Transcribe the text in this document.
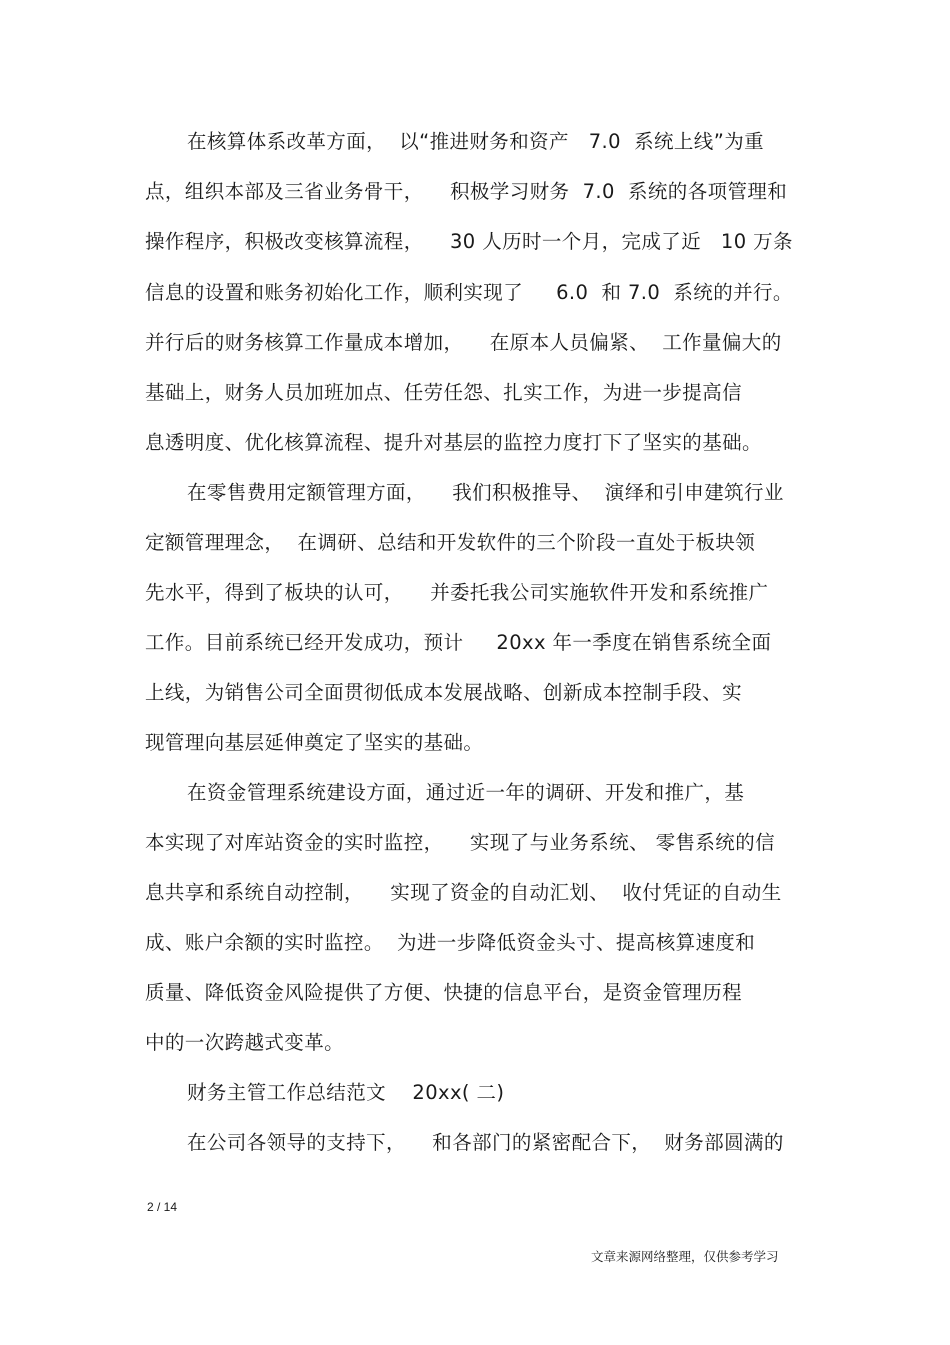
在核算体系改革方面，  以“推进财务和资产   7.0  系统上线”为重
点，组织本部及三省业务骨干，    积极学习财务  7.0  系统的各项管理和
操作程序，积极改变核算流程，    30 人历时一个月，完成了近   10 万条
信息的设置和账务初始化工作，顺利实现了     6.0  和 7.0  系统的并行。
并行后的财务核算工作量成本增加，    在原本人员偏紧、  工作量偏大的
基础上，财务人员加班加点、任劳任怨、扎实工作，为进一步提高信
息透明度、优化核算流程、提升对基层的监控力度打下了坚实的基础。
在零售费用定额管理方面，    我们积极推导、  演绎和引申建筑行业
定额管理理念，  在调研、总结和开发软件的三个阶段一直处于板块领
先水平，得到了板块的认可，    并委托我公司实施软件开发和系统推广
工作。目前系统已经开发成功，预计     20xx 年一季度在销售系统全面
上线，为销售公司全面贯彻低成本发展战略、创新成本控制手段、实
现管理向基层延伸奠定了坚实的基础。
在资金管理系统建设方面，通过近一年的调研、开发和推广，基
本实现了对库站资金的实时监控，    实现了与业务系统、 零售系统的信
息共享和系统自动控制，    实现了资金的自动汇划、  收付凭证的自动生
成、账户余额的实时监控。  为进一步降低资金头寸、提高核算速度和
质量、降低资金风险提供了方便、快捷的信息平台，是资金管理历程
中的一次跨越式变革。
财务主管工作总结范文    20xx( 二)
在公司各领导的支持下，    和各部门的紧密配合下，  财务部圆满的
2 / 14
文章来源网络整理，仅供参考学习
